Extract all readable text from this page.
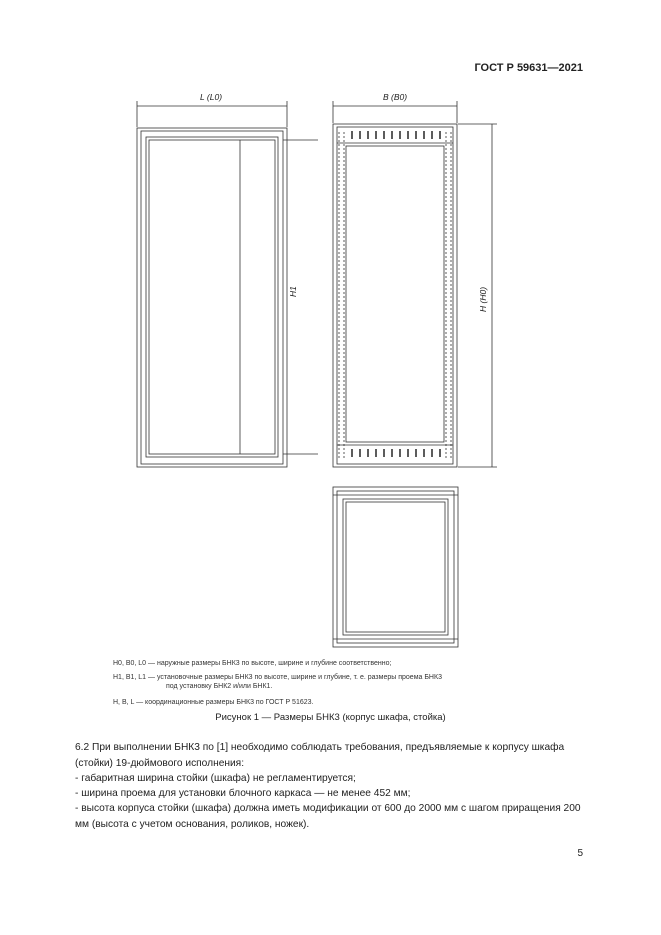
ГОСТ Р 59631—2021
L (L0)
H1
B (B0)
H (H0)
H0, B0, L0 — наружные размеры БНК3 по высоте, ширине и глубине соответственно;
H1, B1, L1 — установочные размеры БНК3 по высоте, ширине и глубине, т. е. размеры проема БНК3
под установку БНК2 и/или БНК1.
H, B, L — координационные размеры БНК3 по ГОСТ Р 51623.
Рисунок 1 — Размеры БНК3 (корпус шкафа, стойка)
6.2 При выполнении БНК3 по [1] необходимо соблюдать требования, предъявляемые к корпусу шкафа (стойки) 19-дюймового исполнения:
- габаритная ширина стойки (шкафа) не регламентируется;
- ширина проема для установки блочного каркаса — не менее 452 мм;
- высота корпуса стойки (шкафа) должна иметь модификации от 600 до 2000 мм с шагом приращения 200 мм (высота с учетом основания, роликов, ножек).
5
